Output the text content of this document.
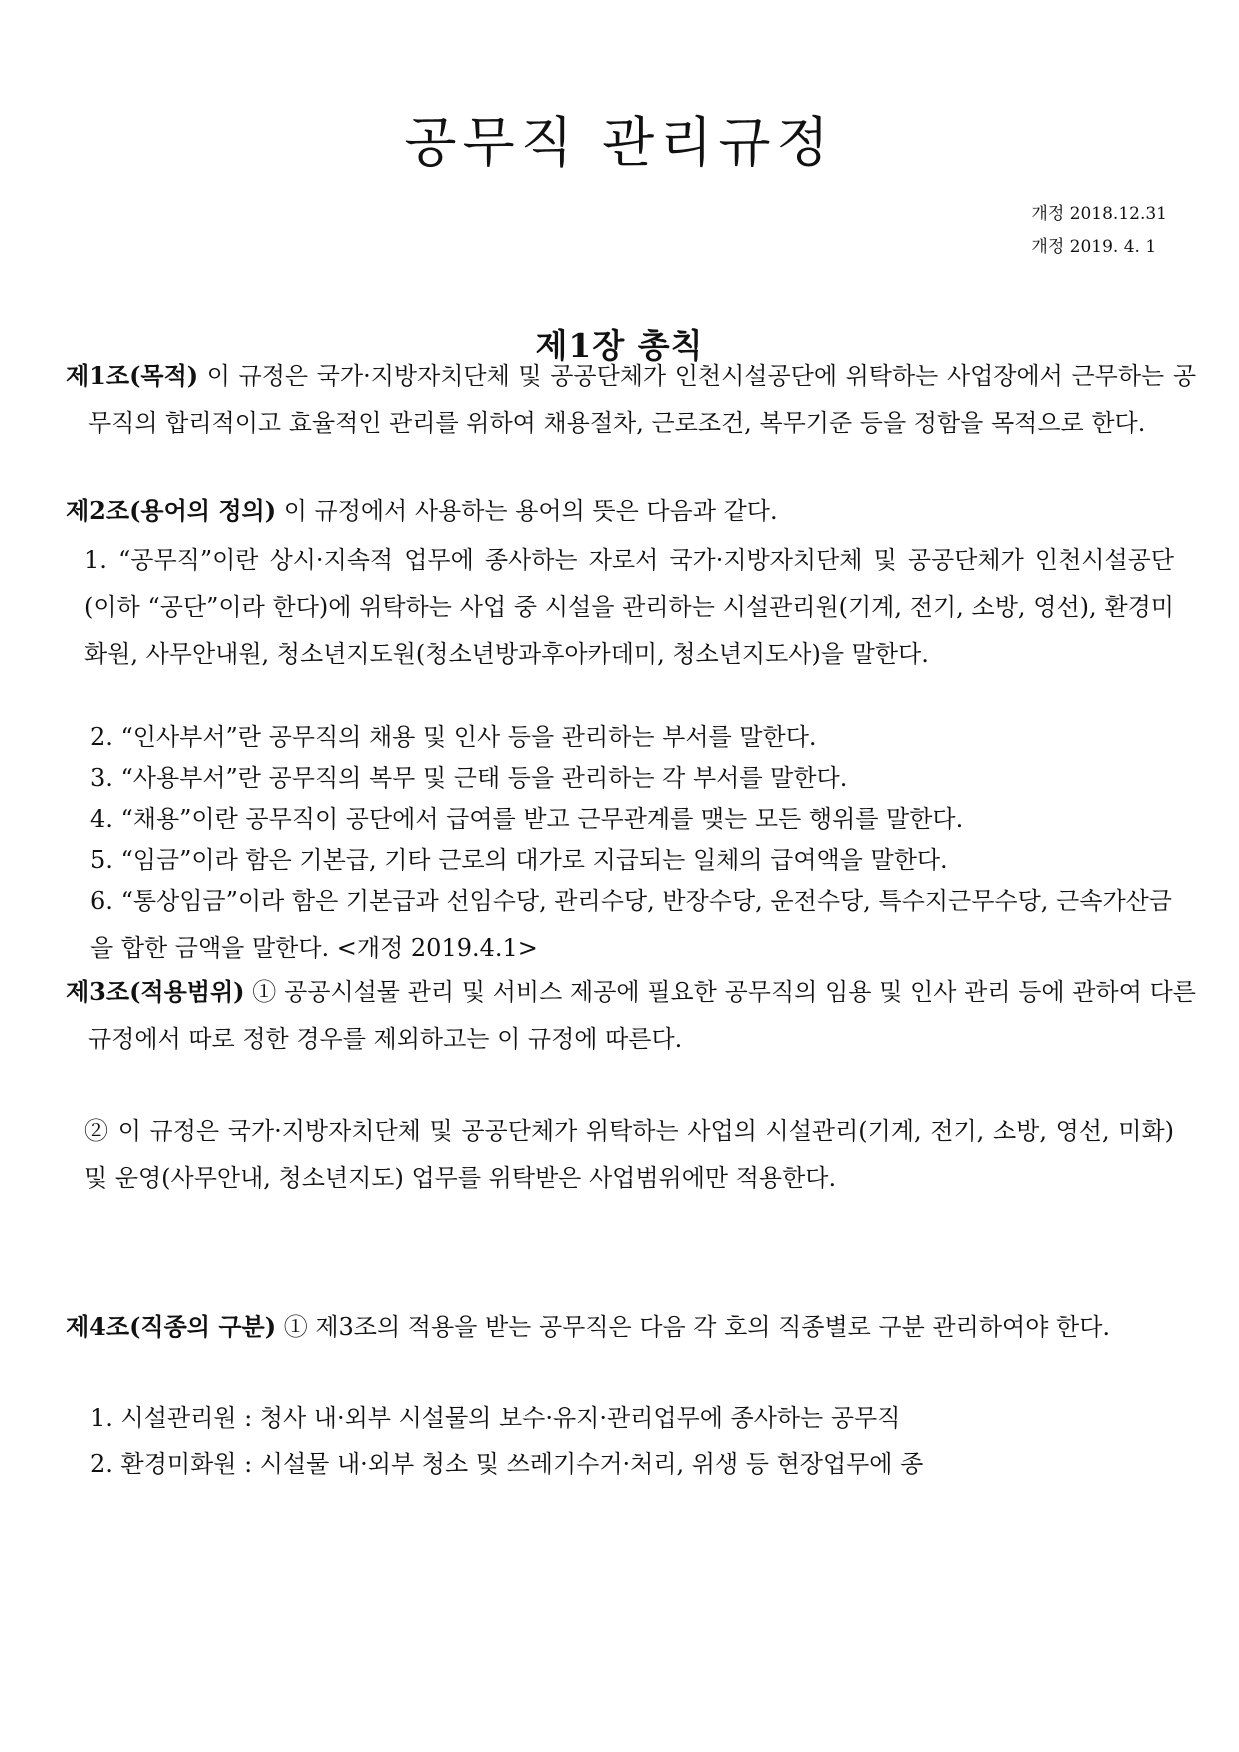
공무직 관리규정
개정 2018.12.31
개정 2019. 4. 1
제1장 총칙
제1조(목적) 이 규정은 국가·지방자치단체 및 공공단체가 인천시설공단에 위탁하는 사업장에서 근무하는 공무직의 합리적이고 효율적인 관리를 위하여 채용절차, 근로조건, 복무기준 등을 정함을 목적으로 한다.
제2조(용어의 정의) 이 규정에서 사용하는 용어의 뜻은 다음과 같다.
1. “공무직”이란 상시·지속적 업무에 종사하는 자로서 국가·지방자치단체 및 공공단체가 인천시설공단(이하 “공단”이라 한다)에 위탁하는 사업 중 시설을 관리하는 시설관리원(기계, 전기, 소방, 영선), 환경미화원, 사무안내원, 청소년지도원(청소년방과후아카데미, 청소년지도사)을 말한다.
2. “인사부서”란 공무직의 채용 및 인사 등을 관리하는 부서를 말한다.
3. “사용부서”란 공무직의 복무 및 근태 등을 관리하는 각 부서를 말한다.
4. “채용”이란 공무직이 공단에서 급여를 받고 근무관계를 맺는 모든 행위를 말한다.
5. “임금”이라 함은 기본급, 기타 근로의 대가로 지급되는 일체의 급여액을 말한다.
6. “통상임금”이라 함은 기본급과 선임수당, 관리수당, 반장수당, 운전수당, 특수지근무수당, 근속가산금을 합한 금액을 말한다. <개정 2019.4.1>
제3조(적용범위) ① 공공시설물 관리 및 서비스 제공에 필요한 공무직의 임용 및 인사 관리 등에 관하여 다른 규정에서 따로 정한 경우를 제외하고는 이 규정에 따른다.
② 이 규정은 국가·지방자치단체 및 공공단체가 위탁하는 사업의 시설관리(기계, 전기, 소방, 영선, 미화) 및 운영(사무안내, 청소년지도) 업무를 위탁받은 사업범위에만 적용한다.
제4조(직종의 구분) ① 제3조의 적용을 받는 공무직은 다음 각 호의 직종별로 구분 관리하여야 한다.
1. 시설관리원 : 청사 내·외부 시설물의 보수·유지·관리업무에 종사하는 공무직
2. 환경미화원 : 시설물 내·외부 청소 및 쓰레기수거·처리, 위생 등 현장업무에 종
